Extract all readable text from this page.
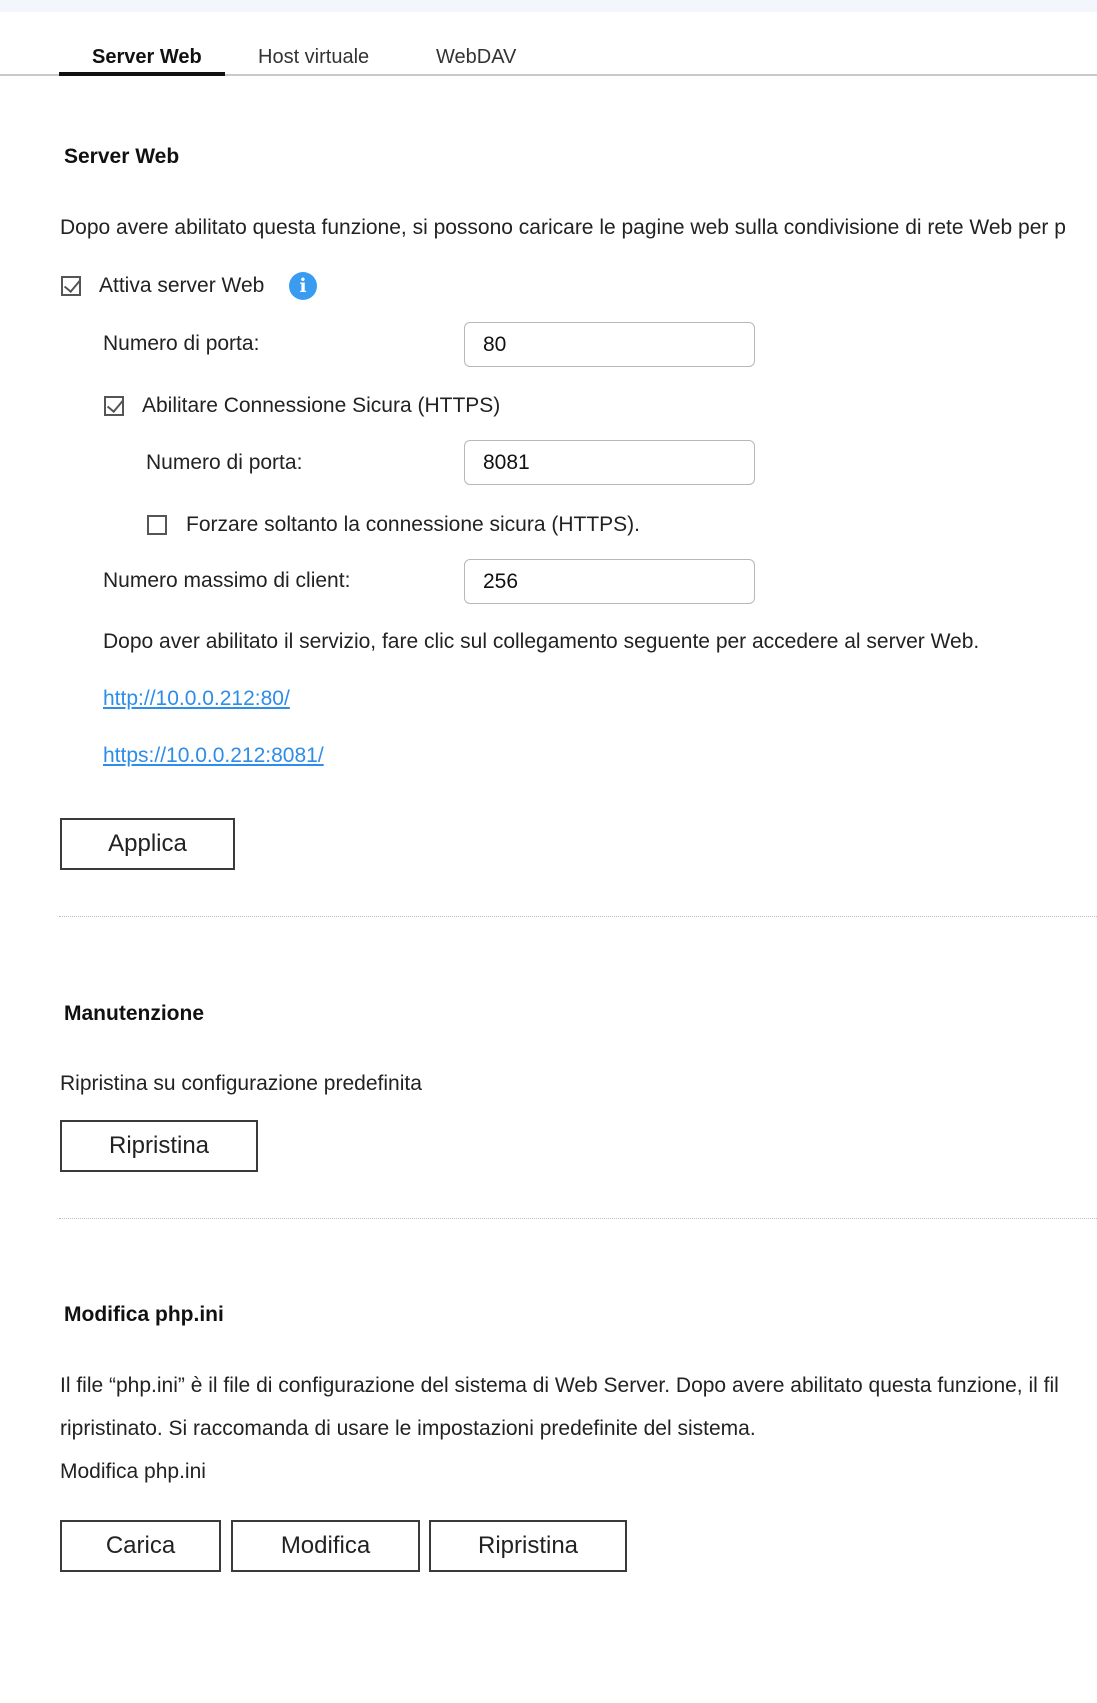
Server Web	Host virtuale	WebDAV
Server Web
Dopo avere abilitato questa funzione, si possono caricare le pagine web sulla condivisione di rete Web per p
Attiva server Web	i
Numero di porta:
80
Abilitare Connessione Sicura (HTTPS)
Numero di porta:
8081
Forzare soltanto la connessione sicura (HTTPS).
Numero massimo di client:
256
Dopo aver abilitato il servizio, fare clic sul collegamento seguente per accedere al server Web.
http://10.0.0.212:80/
https://10.0.0.212:8081/
Applica
Manutenzione
Ripristina su configurazione predefinita
Ripristina
Modifica php.ini
Il file “php.ini” è il file di configurazione del sistema di Web Server. Dopo avere abilitato questa funzione, il fil
ripristinato. Si raccomanda di usare le impostazioni predefinite del sistema.
Modifica php.ini
Carica	Modifica	Ripristina
